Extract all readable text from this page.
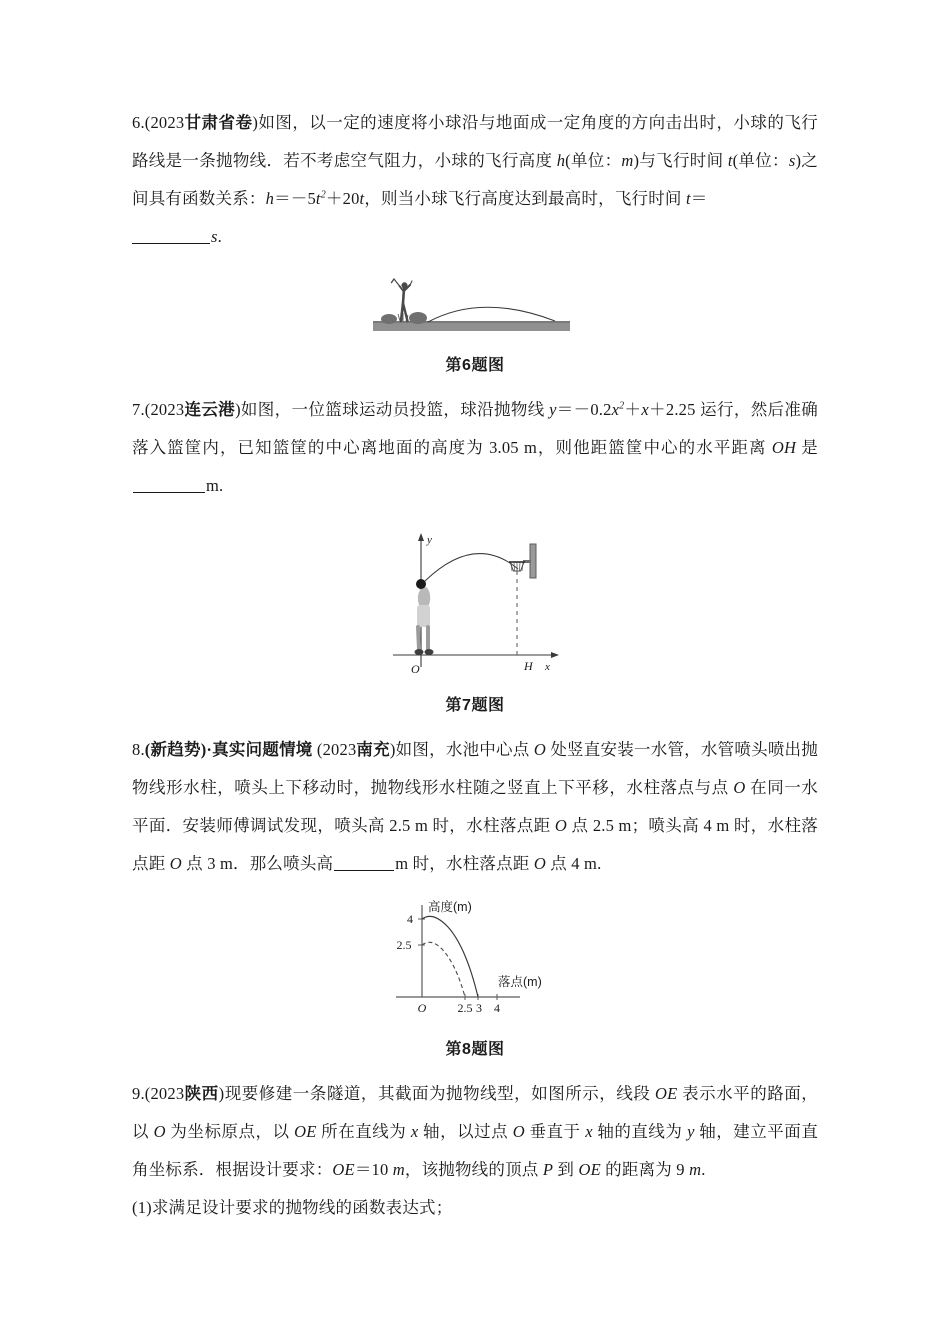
6.(2023甘肃省卷)如图，以一定的速度将小球沿与地面成一定角度的方向击出时，小球的飞行路线是一条抛物线．若不考虑空气阻力，小球的飞行高度 h(单位：m)与飞行时间 t(单位：s)之间具有函数关系：$h=-5t^2+20t$，则当小球飞行高度达到最高时，飞行时间 t＝
s.
第6题图
7.(2023连云港)如图，一位篮球运动员投篮，球沿抛物线 $y=-0.2x^2+x+2.25$ 运行，然后准确落入篮筐内，已知篮筐的中心离地面的高度为 3.05 m，则他距篮筐中心的水平距离 OH 是m.
y
x
O	H
第7题图
8.(新趋势)·真实问题情境 (2023南充)如图，水池中心点 O 处竖直安装一水管，水管喷头喷出抛物线形水柱，喷头上下移动时，抛物线形水柱随之竖直上下平移，水柱落点与点 O 在同一水平面．安装师傅调试发现，喷头高 2.5 m 时，水柱落点距 O 点 2.5 m；喷头高 4 m 时，水柱落点距 O 点 3 m．那么喷头高	m 时，水柱落点距 O 点 4 m.
4
2.5
O	2.5 3 4
高度(m)
落点(m)
第8题图
9.(2023陕西)现要修建一条隧道，其截面为抛物线型，如图所示，线段 OE 表示水平的路面，以 O 为坐标原点，以 OE 所在直线为 x 轴，以过点 O 垂直于 x 轴的直线为 y 轴，建立平面直角坐标系．根据设计要求：OE＝10 m，该抛物线的顶点 P 到 OE 的距离为 9 m.
(1)求满足设计要求的抛物线的函数表达式；
